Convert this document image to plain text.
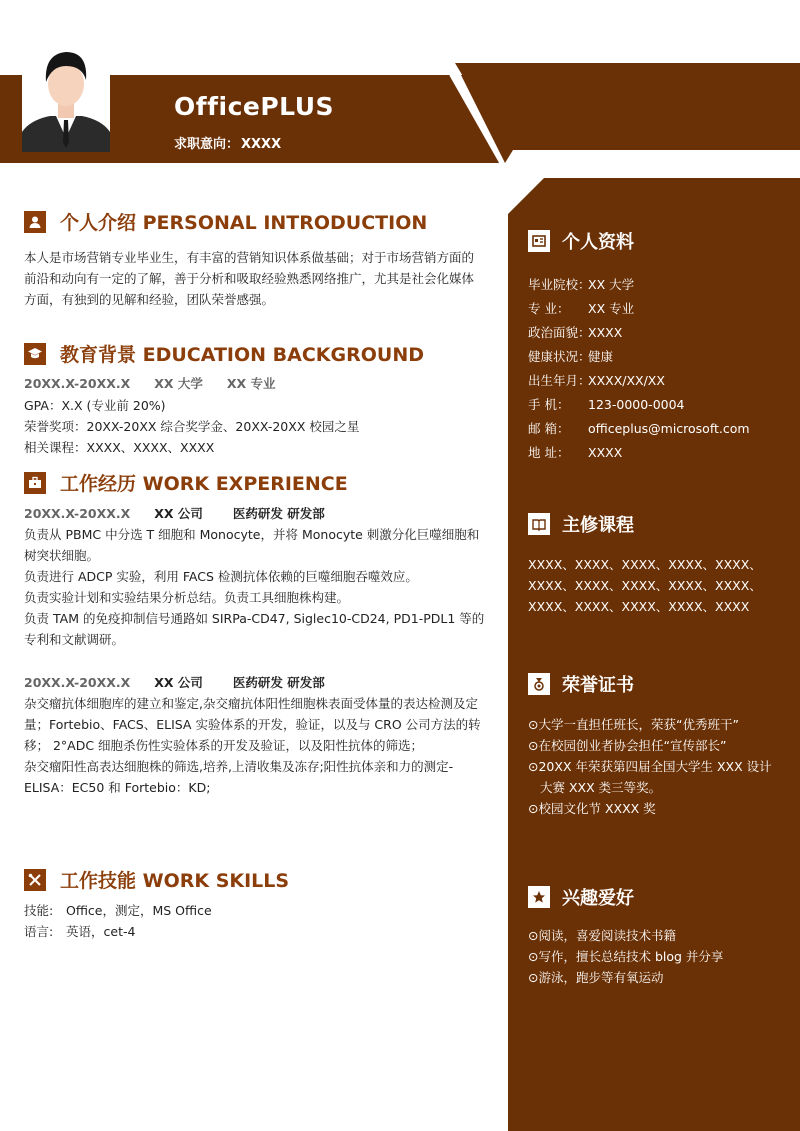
OfficePLUS
求职意向： XXXX
个人资料
毕业院校：XX 大学
专 业： XX 专业
政治面貌：XXXX
健康状况：健康
出生年月：XXXX/XX/XX
手 机： 123-0000-0004
邮 箱： officeplus@microsoft.com
地 址： XXXX
主修课程
XXXX、XXXX、XXXX、XXXX、XXXX、XXXX、XXXX、XXXX、XXXX、XXXX、XXXX、XXXX、XXXX、XXXX、XXXX
荣誉证书
⊙大学一直担任班长，荣获“优秀班干”
⊙在校园创业者协会担任“宣传部长”
⊙20XX 年荣获第四届全国大学生 XXX 设计大赛 XXX 类三等奖。
⊙校园文化节 XXXX 奖
兴趣爱好
⊙阅读，喜爱阅读技术书籍
⊙写作，擅长总结技术 blog 并分享
⊙游泳，跑步等有氧运动
个人介绍 PERSONAL INTRODUCTION
本人是市场营销专业毕业生，有丰富的营销知识体系做基础；对于市场营销方面的前沿和动向有一定的了解，善于分析和吸取经验熟悉网络推广，尤其是社会化媒体方面，有独到的见解和经验，团队荣誉感强。
教育背景 EDUCATION BACKGROUND
20XX.X-20XX.X XX 大学 XX 专业
GPA：X.X (专业前 20%)
荣誉奖项：20XX-20XX 综合奖学金、20XX-20XX 校园之星
相关课程：XXXX、XXXX、XXXX
工作经历 WORK EXPERIENCE
20XX.X-20XX.X XX 公司 医药研发 研发部
负责从 PBMC 中分选 T 细胞和 Monocyte，并将 Monocyte 刺激分化巨噬细胞和树突状细胞。
负责进行 ADCP 实验，利用 FACS 检测抗体依赖的巨噬细胞吞噬效应。
负责实验计划和实验结果分析总结。负责工具细胞株构建。
负责 TAM 的免疫抑制信号通路如 SIRPa-CD47, Siglec10-CD24, PD1-PDL1 等的专利和文献调研。
20XX.X-20XX.X XX 公司 医药研发 研发部
杂交瘤抗体细胞库的建立和鉴定,杂交瘤抗体阳性细胞株表面受体量的表达检测及定量；Fortebio、FACS、ELISA 实验体系的开发，验证，以及与 CRO 公司方法的转移； 2°ADC 细胞杀伤性实验体系的开发及验证，以及阳性抗体的筛选；
杂交瘤阳性高表达细胞株的筛选,培养,上清收集及冻存;阳性抗体亲和力的测定-ELISA：EC50 和 Fortebio：KD;
工作技能 WORK SKILLS
技能: Office，测定，MS Office
语言: 英语，cet-4
